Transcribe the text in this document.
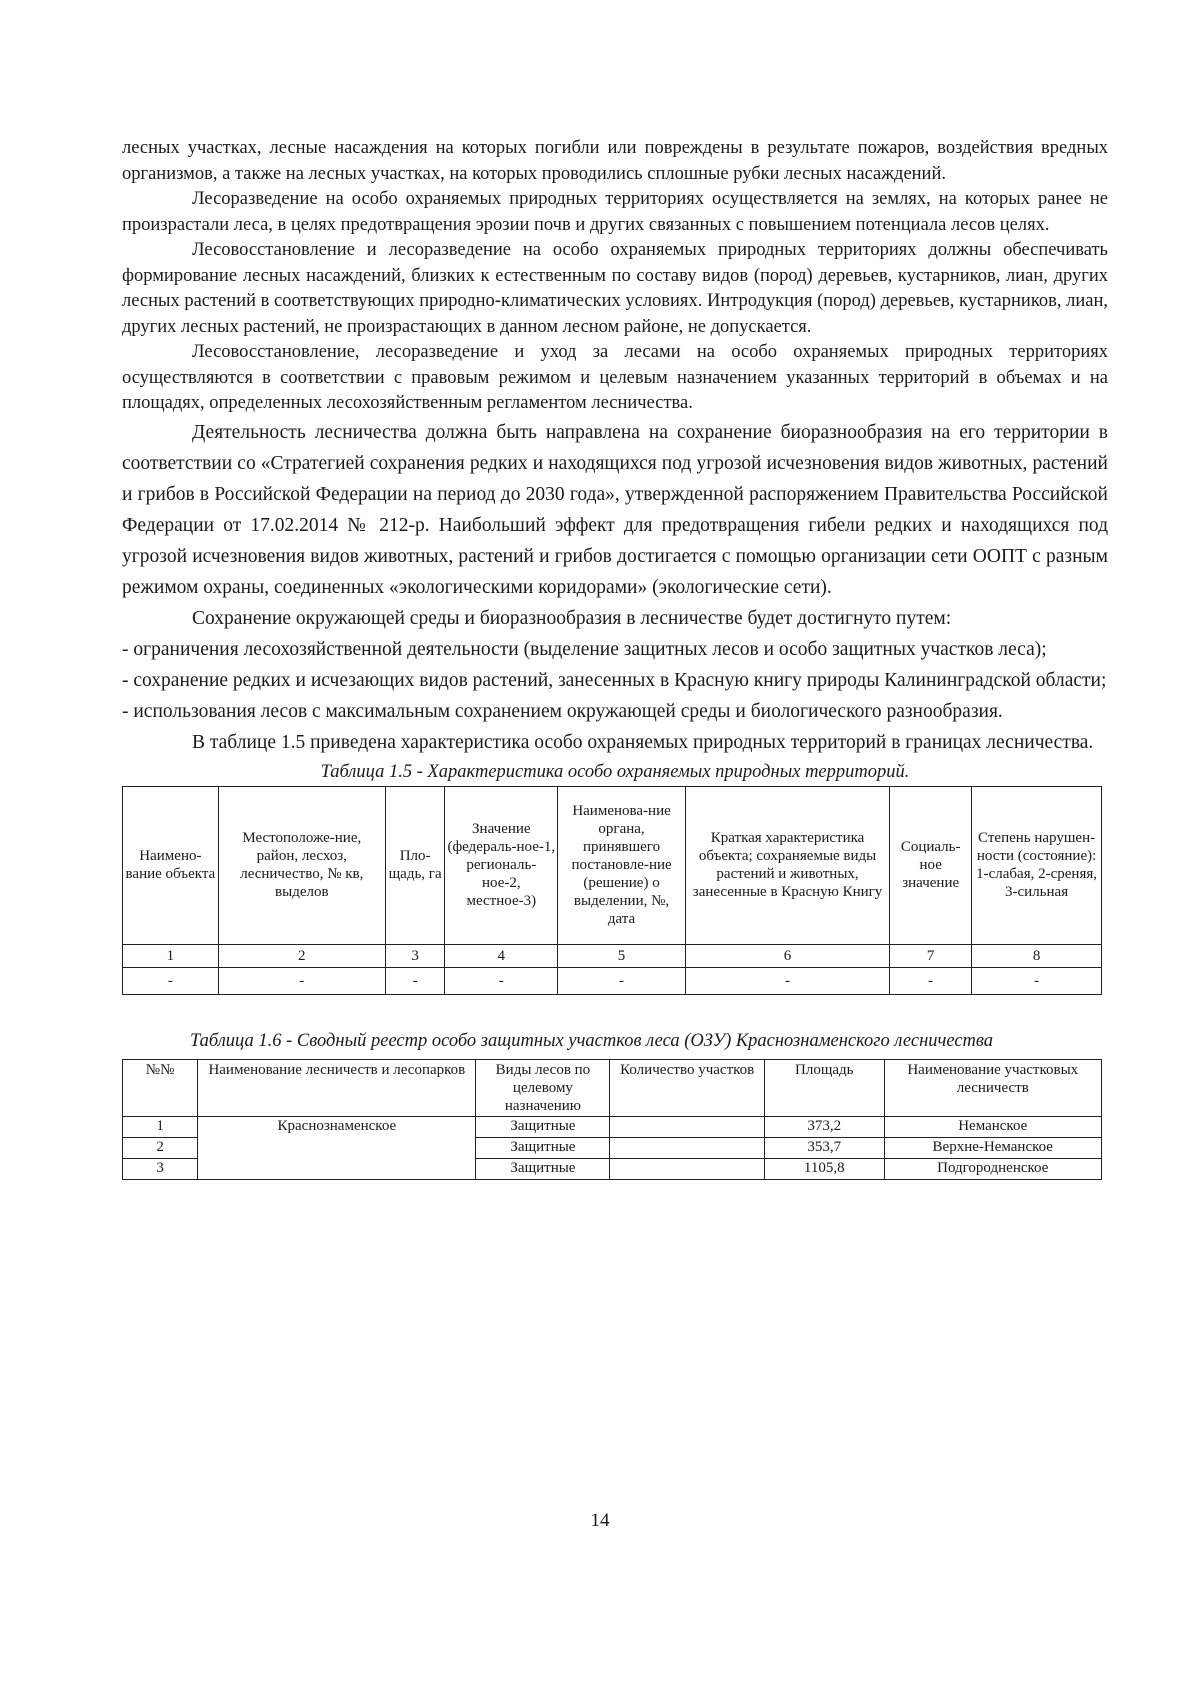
лесных участках, лесные насаждения на которых погибли или повреждены в результате пожаров, воздействия вредных организмов, а также на лесных участках, на которых проводились сплошные рубки лесных насаждений.

Лесоразведение на особо охраняемых природных территориях осуществляется на землях, на которых ранее не произрастали леса, в целях предотвращения эрозии почв и других связанных с повышением потенциала лесов целях.

Лесовосстановление и лесоразведение на особо охраняемых природных территориях должны обеспечивать формирование лесных насаждений, близких к естественным по составу видов (пород) деревьев, кустарников, лиан, других лесных растений в соответствующих природно-климатических условиях. Интродукция (пород) деревьев, кустарников, лиан, других лесных растений, не произрастающих в данном лесном районе, не допускается.

Лесовосстановление, лесоразведение и уход за лесами на особо охраняемых природных территориях осуществляются в соответствии с правовым режимом и целевым назначением указанных территорий в объемах и на площадях, определенных лесохозяйственным регламентом лесничества.

Деятельность лесничества должна быть направлена на сохранение биоразнообразия на его территории в соответствии со «Стратегией сохранения редких и находящихся под угрозой исчезновения видов животных, растений и грибов в Российской Федерации на период до 2030 года», утвержденной распоряжением Правительства Российской Федерации от 17.02.2014 № 212-р. Наибольший эффект для предотвращения гибели редких и находящихся под угрозой исчезновения видов животных, растений и грибов достигается с помощью организации сети ООПТ с разным режимом охраны, соединенных «экологическими коридорами» (экологические сети).

Сохранение окружающей среды и биоразнообразия в лесничестве будет достигнуто путем:

- ограничения лесохозяйственной деятельности (выделение защитных лесов и особо защитных участков леса);

- сохранение редких и исчезающих видов растений, занесенных в Красную книгу природы Калининградской области;

- использования лесов с максимальным сохранением окружающей среды и биологического разнообразия.

В таблице 1.5 приведена характеристика особо охраняемых природных территорий в границах лесничества.

Таблица 1.5 - Характеристика особо охраняемых природных территорий.

Наимено-вание объекта	Местоположе-ние, район, лесхоз, лесничество, № кв, выделов	Пло-щадь, га	Значение (федераль-ное-1, региональ-ное-2, местное-3)	Наименова-ние органа, принявшего постановле-ние (решение) о выделении, №, дата	Краткая характеристика объекта; сохраняемые виды растений и животных, занесенные в Красную Книгу	Социаль-ное значение	Степень нарушен-ности (состояние): 1-слабая, 2-среняя, 3-сильная
1	2	3	4	5	6	7	8
-	-	-	-	-	-	-	-

Таблица 1.6 - Сводный реестр особо защитных участков леса (ОЗУ) Краснознаменского лесничества

№№	Наименование лесничеств и лесопарков	Виды лесов по целевому назначению	Количество участков	Площадь	Наименование участковых лесничеств
1	Краснознаменское	Защитные		373,2	Неманское
2		Защитные		353,7	Верхне-Неманское
3		Защитные		1105,8	Подгородненское
14
